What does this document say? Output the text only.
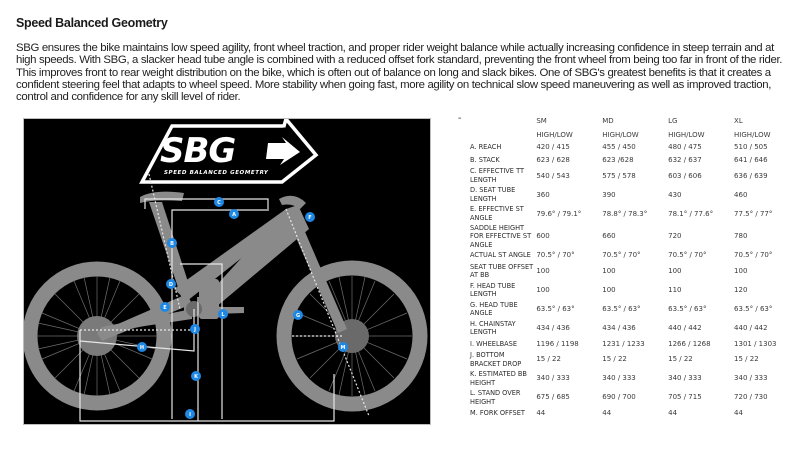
Speed Balanced Geometry
SBG ensures the bike maintains low speed agility, front wheel traction, and proper rider weight balance while actually increasing confidence in steep terrain and at high speeds. With SBG, a slacker head tube angle is combined with a reduced offset fork standard, preventing the front wheel from being too far in front of the rider. This improves front to rear weight distribution on the bike, which is often out of balance on long and slack bikes. One of SBG's greatest benefits is that it creates a confident steering feel that adapts to wheel speed. More stability when going fast, more agility on technical slow speed maneuvering as well as improved traction, control and confidence for any skill level of rider.
SBG
SPEED BALANCED GEOMETRY
C
A	F
B
D
E
L
J
G
H	M
K
I
-
		SM	MD	LG	XL
	HIGH/LOW	HIGH/LOW	HIGH/LOW	HIGH/LOW
A. REACH	420 / 415	455 / 450	480 / 475	510 / 505
B. STACK	623 / 628	623 /628	632 / 637	641 / 646
C. EFFECTIVE TT LENGTH	540 / 543	575 / 578	603 / 606	636 / 639
D. SEAT TUBE LENGTH	360	390	430	460
E. EFFECTIVE ST ANGLE	79.6° / 79.1°	78.8° / 78.3°	78.1° / 77.6°	77.5° / 77°
SADDLE HEIGHT FOR EFFECTIVE ST ANGLE	600	660	720	780
ACTUAL ST ANGLE	70.5° / 70°	70.5° / 70°	70.5° / 70°	70.5° / 70°
SEAT TUBE OFFSET AT BB	100	100	100	100
F. HEAD TUBE LENGTH	100	100	110	120
G. HEAD TUBE ANGLE	63.5° / 63°	63.5° / 63°	63.5° / 63°	63.5° / 63°
H. CHAINSTAY LENGTH	434 / 436	434 / 436	440 / 442	440 / 442
I. WHEELBASE	1196 / 1198	1231 / 1233	1266 / 1268	1301 / 1303
J. BOTTOM BRACKET DROP	15 / 22	15 / 22	15 / 22	15 / 22
K. ESTIMATED BB HEIGHT	340 / 333	340 / 333	340 / 333	340 / 333
L. STAND OVER HEIGHT	675 / 685	690 / 700	705 / 715	720 / 730
M. FORK OFFSET	44	44	44	44
